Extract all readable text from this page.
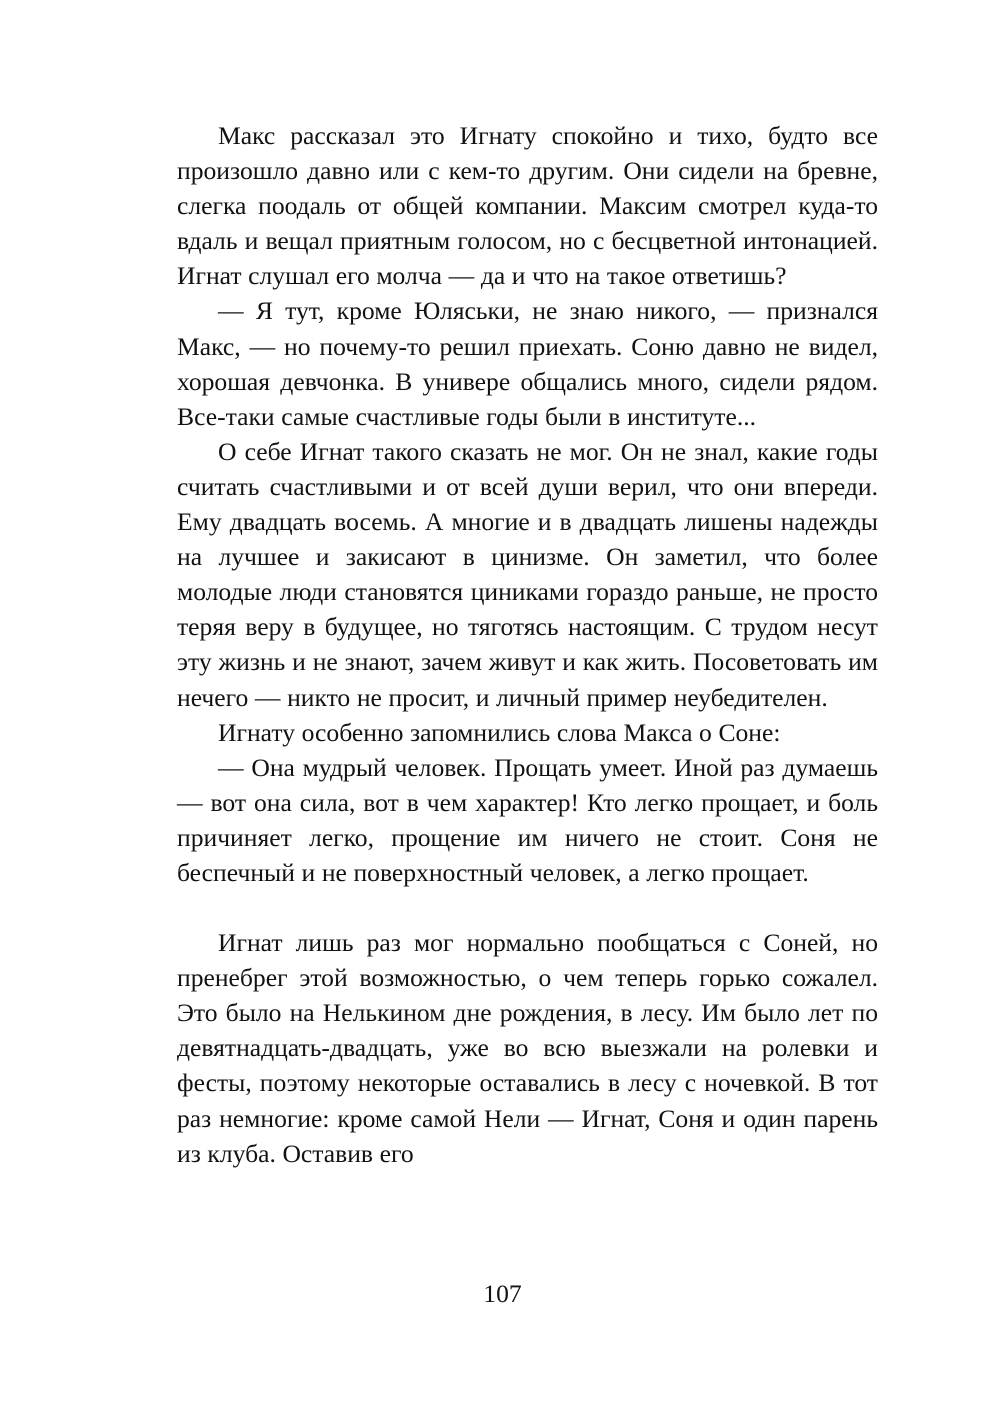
Макс рассказал это Игнату спокойно и тихо, будто все произошло давно или с кем-то другим. Они сидели на бревне, слегка поодаль от общей компании. Максим смотрел куда-то вдаль и вещал приятным голосом, но с бесцветной интонацией. Игнат слушал его молча — да и что на такое ответишь?

— Я тут, кроме Юляськи, не знаю никого, — признался Макс, — но почему-то решил приехать. Соню давно не видел, хорошая девчонка. В универе общались много, сидели рядом. Все-таки самые счастливые годы были в институте...

О себе Игнат такого сказать не мог. Он не знал, какие годы считать счастливыми и от всей души верил, что они впереди. Ему двадцать восемь. А многие и в двадцать лишены надежды на лучшее и закисают в цинизме. Он заметил, что более молодые люди становятся циниками гораздо раньше, не просто теряя веру в будущее, но тяготясь настоящим. С трудом несут эту жизнь и не знают, зачем живут и как жить. Посоветовать им нечего — никто не просит, и личный пример неубедителен.

Игнату особенно запомнились слова Макса о Соне:

— Она мудрый человек. Прощать умеет. Иной раз думаешь — вот она сила, вот в чем характер! Кто легко прощает, и боль причиняет легко, прощение им ничего не стоит. Соня не беспечный и не поверхностный человек, а легко прощает.

Игнат лишь раз мог нормально пообщаться с Соней, но пренебрег этой возможностью, о чем теперь горько сожалел. Это было на Нелькином дне рождения, в лесу. Им было лет по девятнадцать-двадцать, уже во всю выезжали на ролевки и фесты, поэтому некоторые оставались в лесу с ночевкой. В тот раз немногие: кроме самой Нели — Игнат, Соня и один парень из клуба. Оставив его

107
